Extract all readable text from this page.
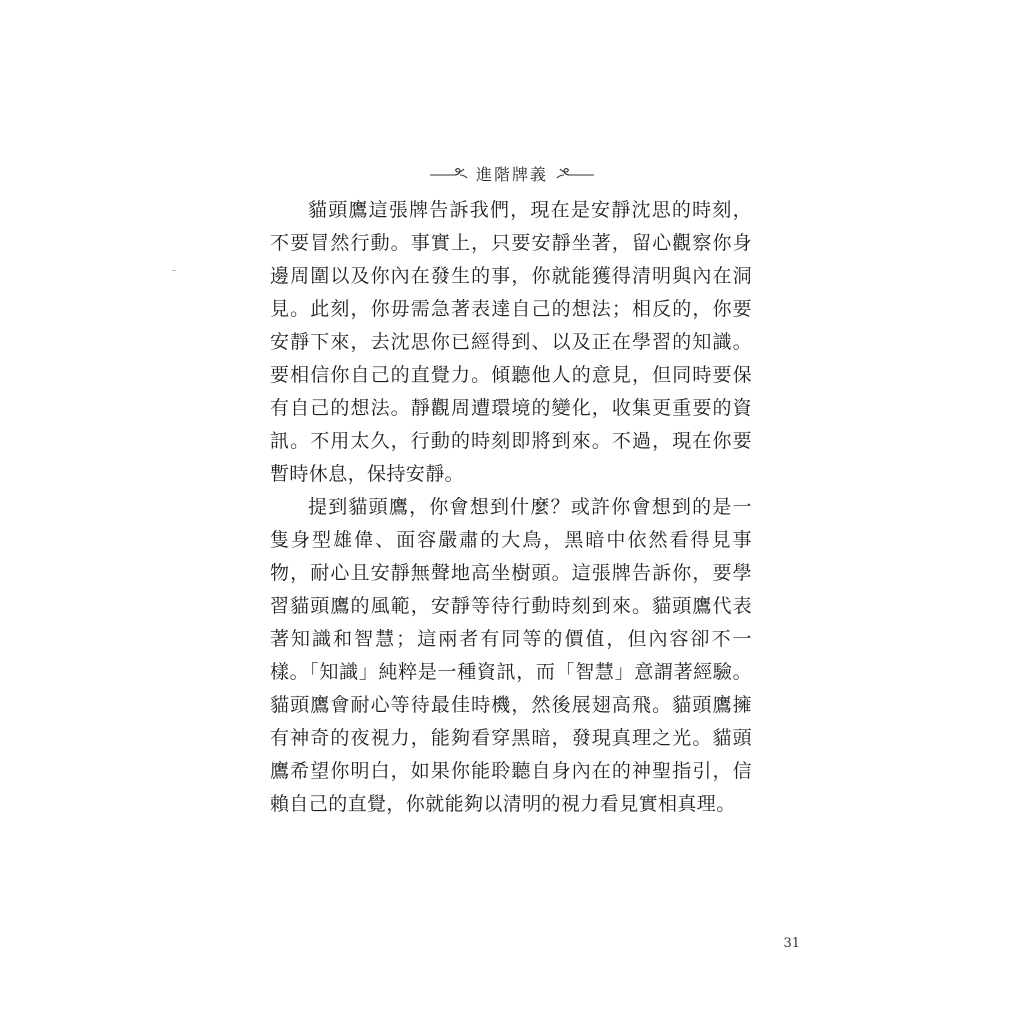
進階牌義

貓頭鷹這張牌告訴我們，現在是安靜沈思的時刻，不要冒然行動。事實上，只要安靜坐著，留心觀察你身邊周圍以及你內在發生的事，你就能獲得清明與內在洞見。此刻，你毋需急著表達自己的想法；相反的，你要安靜下來，去沈思你已經得到、以及正在學習的知識。要相信你自己的直覺力。傾聽他人的意見，但同時要保有自己的想法。靜觀周遭環境的變化，收集更重要的資訊。不用太久，行動的時刻即將到來。不過，現在你要暫時休息，保持安靜。

提到貓頭鷹，你會想到什麼？或許你會想到的是一隻身型雄偉、面容嚴肅的大鳥，黑暗中依然看得見事物，耐心且安靜無聲地高坐樹頭。這張牌告訴你，要學習貓頭鷹的風範，安靜等待行動時刻到來。貓頭鷹代表著知識和智慧；這兩者有同等的價值，但內容卻不一樣。「知識」純粹是一種資訊，而「智慧」意謂著經驗。貓頭鷹會耐心等待最佳時機，然後展翅高飛。貓頭鷹擁有神奇的夜視力，能夠看穿黑暗，發現真理之光。貓頭鷹希望你明白，如果你能聆聽自身內在的神聖指引，信賴自己的直覺，你就能夠以清明的視力看見實相真理。

31
